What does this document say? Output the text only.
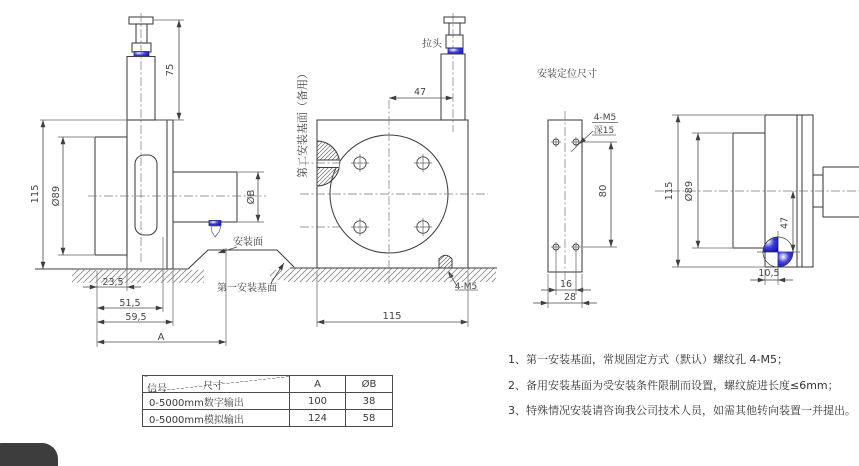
75
115 Ø89	ØB
23,5
51,5
59,5
A
安装面
第一安装基面
拉头
第二安装基面（备用）	47
4-M5
115
安装定位尺寸
4-M5
深15
80
16
28
115 Ø89
47
10,5
信号 尺寸	A	ØB
0-5000mm数字输出	100	38
0-5000mm模拟输出	124	58
1、第一安装基面，常规固定方式（默认）螺纹孔 4-M5；
2、备用安装基面为受安装条件限制而设置，螺纹旋进长度≤6mm；
3、特殊情况安装请咨询我公司技术人员，如需其他转向装置一并提出。
